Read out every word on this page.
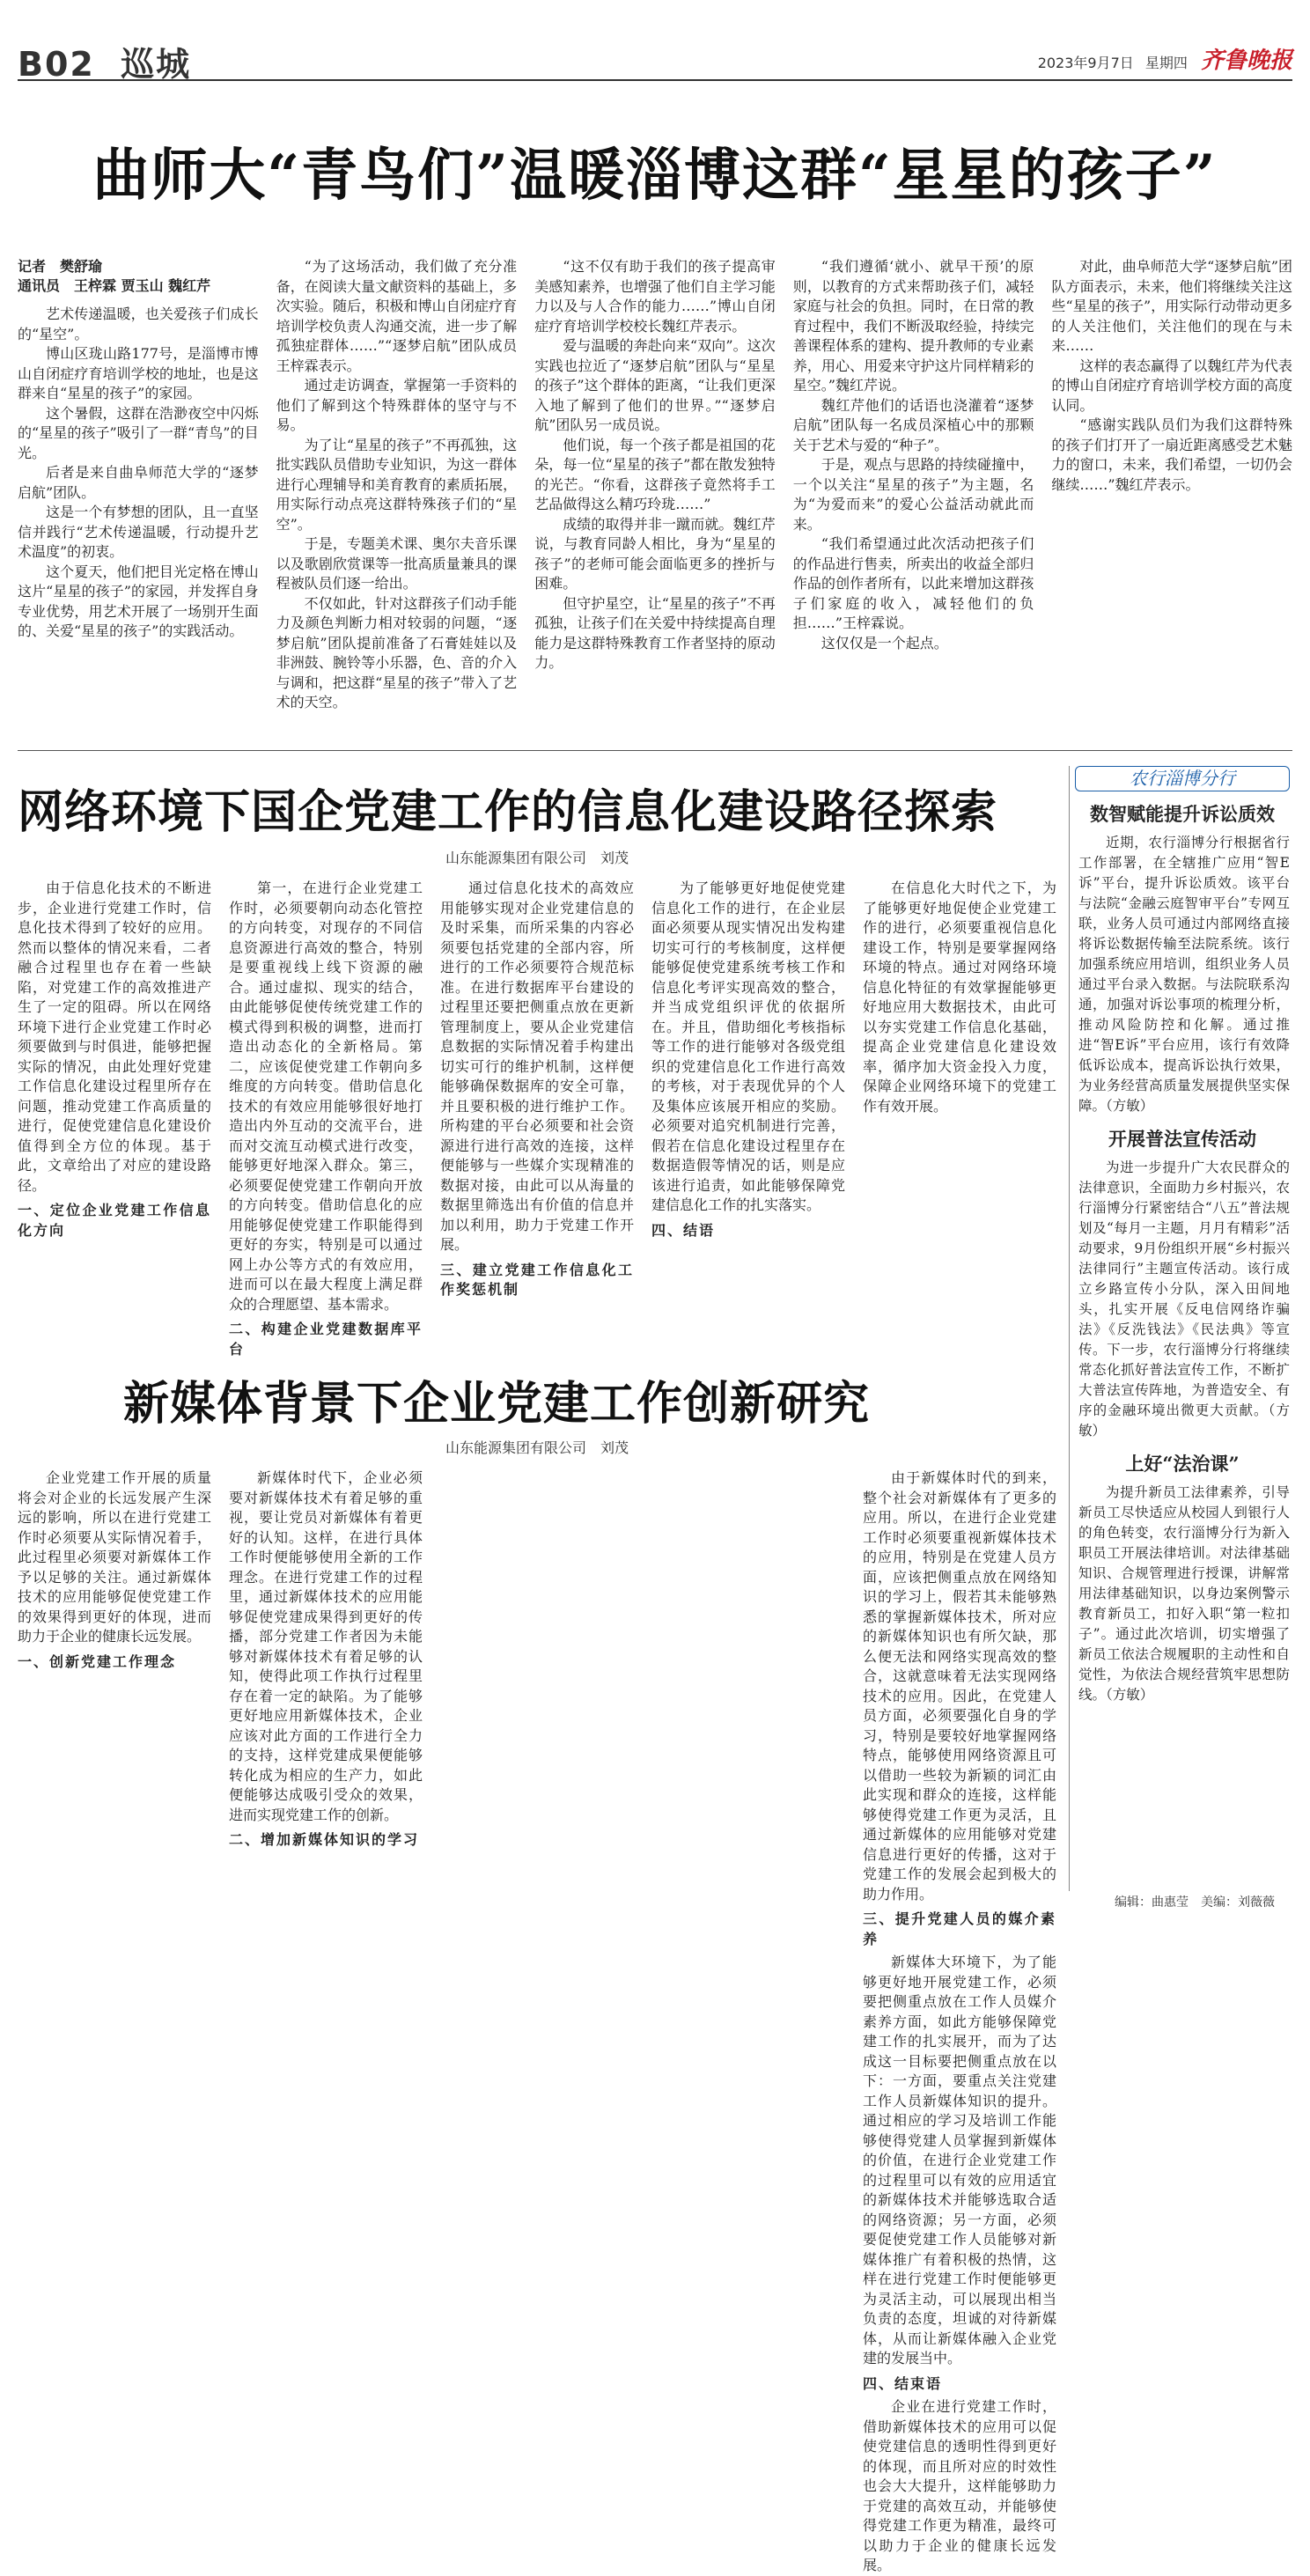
B02 巡城	2023年9月7日 星期四 齐鲁晚报
曲师大“青鸟们”温暖淄博这群“星星的孩子”
记者　樊舒瑜
通讯员　王梓霖 贾玉山 魏红芹

艺术传递温暖，也关爱孩子们成长的“星空”。

博山区珑山路177号，是淄博市博山自闭症疗育培训学校的地址，也是这群来自“星星的孩子”的家园。

这个暑假，这群在浩渺夜空中闪烁的“星星的孩子”吸引了一群“青鸟”的目光。

后者是来自曲阜师范大学的“逐梦启航”团队。

这是一个有梦想的团队，且一直坚信并践行“艺术传递温暖，行动提升艺术温度”的初衷。

这个夏天，他们把目光定格在博山这片“星星的孩子”的家园，并发挥自身专业优势，用艺术开展了一场别开生面的、关爱“星星的孩子”的实践活动。

“为了这场活动，我们做了充分准备，在阅读大量文献资料的基础上，多次实验。随后，积极和博山自闭症疗育培训学校负责人沟通交流，进一步了解孤独症群体……”“逐梦启航”团队成员王梓霖表示。

通过走访调查，掌握第一手资料的他们了解到这个特殊群体的坚守与不易。

为了让“星星的孩子”不再孤独，这批实践队员借助专业知识，为这一群体进行心理辅导和美育教育的素质拓展，用实际行动点亮这群特殊孩子们的“星空”。

于是，专题美术课、奥尔夫音乐课以及歌剧欣赏课等一批高质量兼具的课程被队员们逐一给出。

不仅如此，针对这群孩子们动手能力及颜色判断力相对较弱的问题，“逐梦启航”团队提前准备了石膏娃娃以及非洲鼓、腕铃等小乐器，色、音的介入与调和，把这群“星星的孩子”带入了艺术的天空。

“这不仅有助于我们的孩子提高审美感知素养，也增强了他们自主学习能力以及与人合作的能力……”博山自闭症疗育培训学校校长魏红芹表示。

爱与温暖的奔赴向来“双向”。这次实践也拉近了“逐梦启航”团队与“星星的孩子”这个群体的距离，“让我们更深入地了解到了他们的世界。”“逐梦启航”团队另一成员说。

他们说，每一个孩子都是祖国的花朵，每一位“星星的孩子”都在散发独特的光芒。“你看，这群孩子竟然将手工艺品做得这么精巧玲珑……”

成绩的取得并非一蹴而就。魏红芹说，与教育同龄人相比，身为“星星的孩子”的老师可能会面临更多的挫折与困难。

但守护星空，让“星星的孩子”不再孤独，让孩子们在关爱中持续提高自理能力是这群特殊教育工作者坚持的原动力。

“我们遵循‘就小、就早干预’的原则，以教育的方式来帮助孩子们，减轻家庭与社会的负担。同时，在日常的教育过程中，我们不断汲取经验，持续完善课程体系的建构、提升教师的专业素养，用心、用爱来守护这片同样精彩的星空。”魏红芹说。

魏红芹他们的话语也浇灌着“逐梦启航”团队每一名成员深植心中的那颗关于艺术与爱的“种子”。

于是，观点与思路的持续碰撞中，一个以关注“星星的孩子”为主题，名为“为爱而来”的爱心公益活动就此而来。

“我们希望通过此次活动把孩子们的作品进行售卖，所卖出的收益全部归作品的创作者所有，以此来增加这群孩子们家庭的收入，减轻他们的负担……”王梓霖说。

这仅仅是一个起点。

对此，曲阜师范大学“逐梦启航”团队方面表示，未来，他们将继续关注这些“星星的孩子”，用实际行动带动更多的人关注他们，关注他们的现在与未来……

这样的表态赢得了以魏红芹为代表的博山自闭症疗育培训学校方面的高度认同。

“感谢实践队员们为我们这群特殊的孩子们打开了一扇近距离感受艺术魅力的窗口，未来，我们希望，一切仍会继续……”魏红芹表示。

网络环境下国企党建工作的信息化建设路径探索
山东能源集团有限公司　刘茂

由于信息化技术的不断进步，企业进行党建工作时，信息化技术得到了较好的应用。然而以整体的情况来看，二者融合过程里也存在着一些缺陷，对党建工作的高效推进产生了一定的阻碍。所以在网络环境下进行企业党建工作时必须要做到与时俱进，能够把握实际的情况，由此处理好党建工作信息化建设过程里所存在问题，推动党建工作高质量的进行，促使党建信息化建设价值得到全方位的体现。基于此，文章给出了对应的建设路径。

一、定位企业党建工作信息化方向

第一，在进行企业党建工作时，必须要朝向动态化管控的方向转变，对现存的不同信息资源进行高效的整合，特别是要重视线上线下资源的融合。通过虚拟、现实的结合，由此能够促使传统党建工作的模式得到积极的调整，进而打造出动态化的全新格局。第二，应该促使党建工作朝向多维度的方向转变。借助信息化技术的有效应用能够很好地打造出内外互动的交流平台，进而对交流互动模式进行改变，能够更好地深入群众。第三，必须要促使党建工作朝向开放的方向转变。借助信息化的应用能够促使党建工作职能得到更好的夯实，特别是可以通过网上办公等方式的有效应用，进而可以在最大程度上满足群众的合理愿望、基本需求。

二、构建企业党建数据库平台

通过信息化技术的高效应用能够实现对企业党建信息的及时采集，而所采集的内容必须要包括党建的全部内容，所进行的工作必须要符合规范标准。在进行数据库平台建设的过程里还要把侧重点放在更新管理制度上，要从企业党建信息数据的实际情况着手构建出切实可行的维护机制，这样便能够确保数据库的安全可靠，并且要积极的进行维护工作。所构建的平台必须要和社会资源进行进行高效的连接，这样便能够与一些媒介实现精准的数据对接，由此可以从海量的数据里筛选出有价值的信息并加以利用，助力于党建工作开展。

三、建立党建工作信息化工作奖惩机制

为了能够更好地促使党建信息化工作的进行，在企业层面必须要从现实情况出发构建切实可行的考核制度，这样便能够促使党建系统考核工作和信息化考评实现高效的整合，并当成党组织评优的依据所在。并且，借助细化考核指标等工作的进行能够对各级党组织的党建信息化工作进行高效的考核，对于表现优异的个人及集体应该展开相应的奖励。必须要对追究机制进行完善，假若在信息化建设过程里存在数据造假等情况的话，则是应该进行追责，如此能够保障党建信息化工作的扎实落实。

四、结语

在信息化大时代之下，为了能够更好地促使企业党建工作的进行，必须要重视信息化建设工作，特别是要掌握网络环境的特点。通过对网络环境信息化特征的有效掌握能够更好地应用大数据技术，由此可以夯实党建工作信息化基础，提高企业党建信息化建设效率，循序加大资金投入力度，保障企业网络环境下的党建工作有效开展。

新媒体背景下企业党建工作创新研究
山东能源集团有限公司　刘茂

企业党建工作开展的质量将会对企业的长远发展产生深远的影响，所以在进行党建工作时必须要从实际情况着手，此过程里必须要对新媒体工作予以足够的关注。通过新媒体技术的应用能够促使党建工作的效果得到更好的体现，进而助力于企业的健康长远发展。

一、创新党建工作理念

新媒体时代下，企业必须要对新媒体技术有着足够的重视，要让党员对新媒体有着更好的认知。这样，在进行具体工作时便能够使用全新的工作理念。在进行党建工作的过程里，通过新媒体技术的应用能够促使党建成果得到更好的传播，部分党建工作者因为未能够对新媒体技术有着足够的认知，使得此项工作执行过程里存在着一定的缺陷。为了能够更好地应用新媒体技术，企业应该对此方面的工作进行全力的支持，这样党建成果便能够转化成为相应的生产力，如此便能够达成吸引受众的效果，进而实现党建工作的创新。

二、增加新媒体知识的学习

由于新媒体时代的到来，整个社会对新媒体有了更多的应用。所以，在进行企业党建工作时必须要重视新媒体技术的应用，特别是在党建人员方面，应该把侧重点放在网络知识的学习上，假若其未能够熟悉的掌握新媒体技术，所对应的新媒体知识也有所欠缺，那么便无法和网络实现高效的整合，这就意味着无法实现网络技术的应用。因此，在党建人员方面，必须要强化自身的学习，特别是要较好地掌握网络特点，能够使用网络资源且可以借助一些较为新颖的词汇由此实现和群众的连接，这样能够使得党建工作更为灵活，且通过新媒体的应用能够对党建信息进行更好的传播，这对于党建工作的发展会起到极大的助力作用。

三、提升党建人员的媒介素养

新媒体大环境下，为了能够更好地开展党建工作，必须要把侧重点放在工作人员媒介素养方面，如此方能够保障党建工作的扎实展开，而为了达成这一目标要把侧重点放在以下：一方面，要重点关注党建工作人员新媒体知识的提升。通过相应的学习及培训工作能够使得党建人员掌握到新媒体的价值，在进行企业党建工作的过程里可以有效的应用适宜的新媒体技术并能够选取合适的网络资源；另一方面，必须要促使党建工作人员能够对新媒体推广有着积极的热情，这样在进行党建工作时便能够更为灵活主动，可以展现出相当负责的态度，坦诚的对待新媒体，从而让新媒体融入企业党建的发展当中。

四、结束语

企业在进行党建工作时，借助新媒体技术的应用可以促使党建信息的透明性得到更好的体现，而且所对应的时效性也会大大提升，这样能够助力于党建的高效互动，并能够使得党建工作更为精准，最终可以助力于企业的健康长远发展。

农行淄博分行
数智赋能提升诉讼质效

近期，农行淄博分行根据省行工作部署，在全辖推广应用“智E诉”平台，提升诉讼质效。该平台与法院“金融云庭智审平台”专网互联，业务人员可通过内部网络直接将诉讼数据传输至法院系统。该行加强系统应用培训，组织业务人员通过平台录入数据。与法院联系沟通，加强对诉讼事项的梳理分析，推动风险防控和化解。通过推进“智E诉”平台应用，该行有效降低诉讼成本，提高诉讼执行效果，为业务经营高质量发展提供坚实保障。（方敏）

开展普法宣传活动

为进一步提升广大农民群众的法律意识，全面助力乡村振兴，农行淄博分行紧密结合“八五”普法规划及“每月一主题，月月有精彩”活动要求，9月份组织开展“乡村振兴　法律同行”主题宣传活动。该行成立乡路宣传小分队，深入田间地头，扎实开展《反电信网络诈骗法》《反洗钱法》《民法典》等宣传。下一步，农行淄博分行将继续常态化抓好普法宣传工作，不断扩大普法宣传阵地，为普造安全、有序的金融环境出微更大贡献。（方敏）

上好“法治课”

为提升新员工法律素养，引导新员工尽快适应从校园人到银行人的角色转变，农行淄博分行为新入职员工开展法律培训。对法律基础知识、合规管理进行授课，讲解常用法律基础知识，以身边案例警示教育新员工，扣好入职“第一粒扣子”。通过此次培训，切实增强了新员工依法合规履职的主动性和自觉性，为依法合规经营筑牢思想防线。（方敏）

编辑：曲惠莹　美编：刘薇薇
